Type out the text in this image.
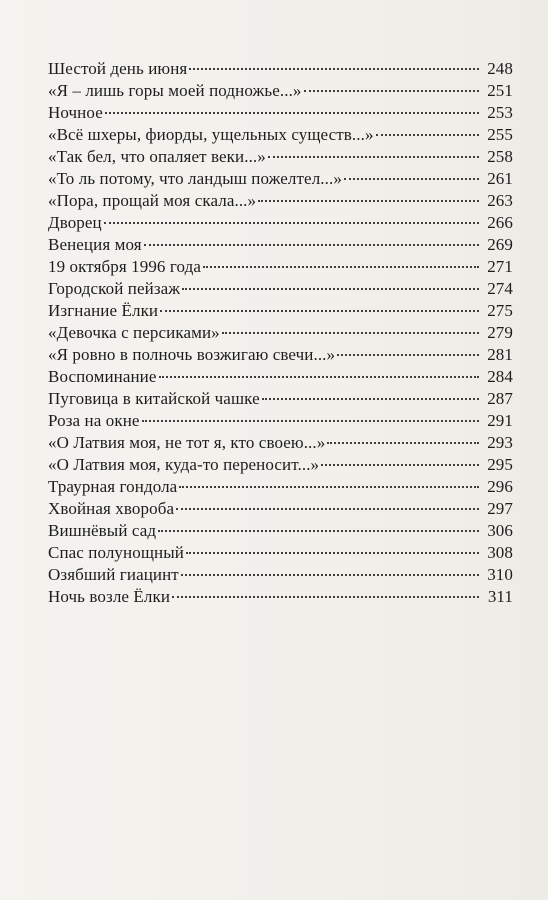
Шестой день июня	248
«Я – лишь горы моей подножье...»	251
Ночное	253
«Всё шхеры, фиорды, ущельных существ...»	255
«Так бел, что опаляет веки...»	258
«То ль потому, что ландыш пожелтел...»	261
«Пора, прощай моя скала...»	263
Дворец	266
Венеция моя	269
19 октября 1996 года	271
Городской пейзаж	274
Изгнание Ёлки	275
«Девочка с персиками»	279
«Я ровно в полночь возжигаю свечи...»	281
Воспоминание	284
Пуговица в китайской чашке	287
Роза на окне	291
«О Латвия моя, не тот я, кто своею...»	293
«О Латвия моя, куда-то переносит...»	295
Траурная гондола	296
Хвойная хворобa	297
Вишнёвый сад	306
Спас полунощный	308
Озябший гиацинт	310
Ночь возле Ёлки	311
